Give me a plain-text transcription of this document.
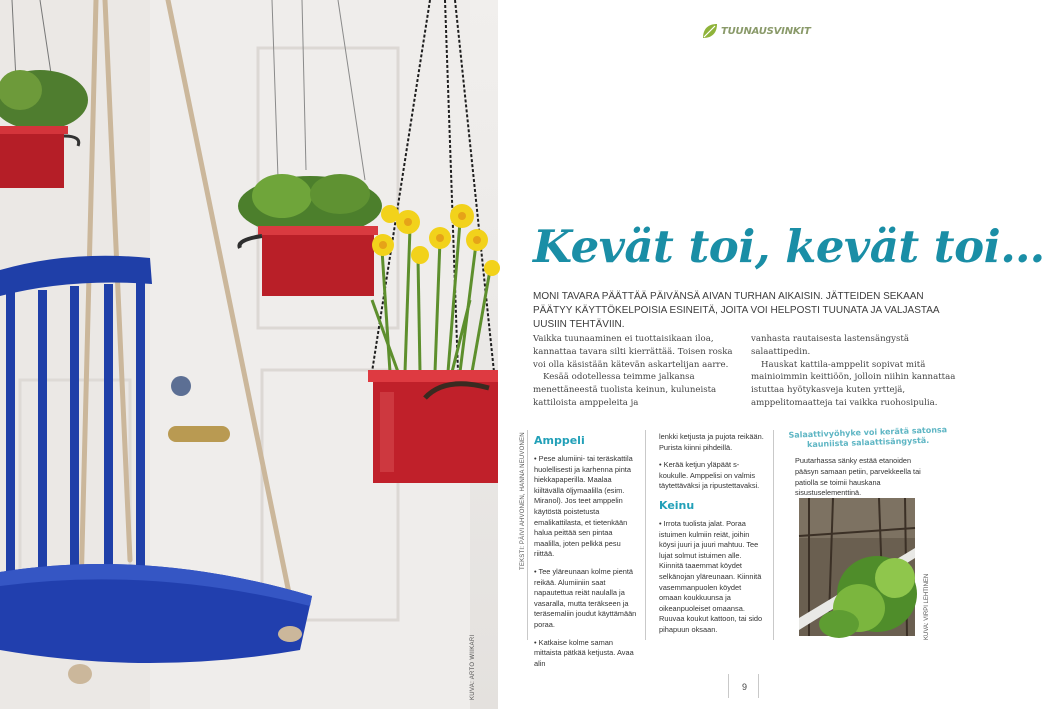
KUVA: ARTO WIIKARI
TUUNAUSVINKIT
Kevät toi, kevät toi…
MONI TAVARA PÄÄTTÄÄ PÄIVÄNSÄ AIVAN TURHAN AIKAISIN. JÄTTEIDEN SEKAAN PÄÄTYY KÄYTTÖKELPOISIA ESINEITÄ, JOITA VOI HELPOSTI TUUNATA JA VALJASTAA UUSIIN TEHTÄVIIN.

Vaikka tuunaaminen ei tuottaisikaan iloa, kannattaa tavara silti kierrättää. Toisen roska voi olla käsistään kätevän askartelijan aarre.

Kesää odotellessa teimme jalkansa menettäneestä tuolista keinun, kuluneista kattiloista amppeleita ja

vanhasta rautaisesta lastensängystä salaattipedin.

Hauskat kattila-amppelit sopivat mitä mainioimmin keittiöön, jolloin niihin kannattaa istuttaa hyötykasveja kuten yrttejä, amppelitomaatteja tai vaikka ruohosipulia.

TEKSTI: PÄIVI AHVONEN, HANNA NEUVONEN Amppeli
• Pese alumiini- tai teräskattila huolellisesti ja karhenna pinta hiekkapaperilla. Maalaa kiiltävällä öljymaalilla (esim. Miranol). Jos teet amppelin käytöstä poistetusta emalikattilasta, et tietenkään halua peittää sen pintaa maalilla, joten pelkkä pesu riittää.
• Tee yläreunaan kolme pientä reikää. Alumiiniin saat napautettua reiät naulalla ja vasaralla, mutta teräkseen ja teräsemaliin joudut käyttämään poraa.
• Katkaise kolme saman mittaista pätkää ketjusta. Avaa alin
lenkki ketjusta ja pujota reikään. Purista kiinni pihdeillä.
• Kerää ketjun yläpäät s-koukulle. Amppelisi on valmis täytettäväksi ja ripustettavaksi.
Keinu
• Irrota tuolista jalat. Poraa istuimen kulmiin reiät, joihin köysi juuri ja juuri mahtuu. Tee lujat solmut istuimen alle. Kiinnitä taaemmat köydet selkänojan yläreunaan. Kiinnitä vasemmanpuolen köydet omaan koukkuunsa ja oikeanpuoleiset omaansa. Ruuvaa koukut kattoon, tai sido pihapuun oksaan.
Salaattivyöhyke voi kerätä satonsa
kauniista salaattisängystä.
Puutarhassa sänky estää etanoiden pääsyn samaan petiin, parvekkeella tai patiolla se toimii hauskana sisustuselementtinä.
KUVA: VIRPI LEHTINEN
9
